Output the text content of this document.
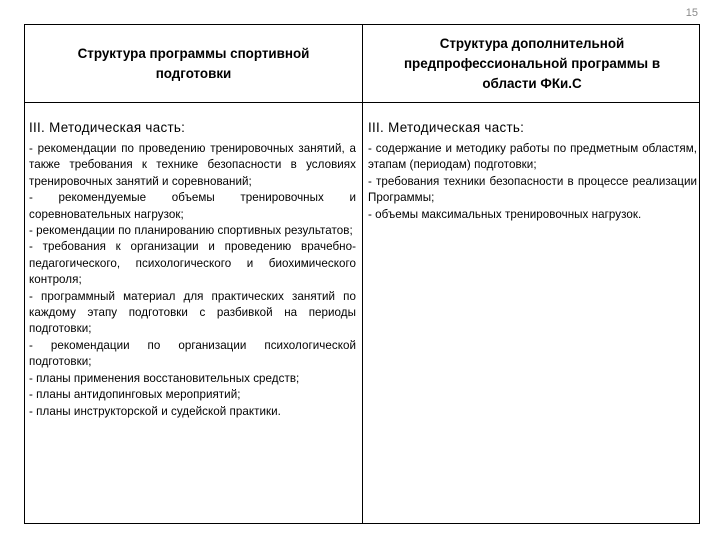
15
Структура программы спортивной подготовки
Структура дополнительной предпрофессиональной программы в области ФКи.С
III. Методическая часть:
- рекомендации по проведению тренировочных занятий, а также требования к технике безопасности в условиях тренировочных занятий и соревнований;
- рекомендуемые объемы тренировочных и соревновательных нагрузок;
- рекомендации по планированию спортивных результатов;
- требования к организации и проведению врачебно-педагогического, психологического и биохимического контроля;
- программный материал для практических занятий по каждому этапу подготовки с разбивкой на периоды подготовки;
- рекомендации по организации психологической подготовки;
- планы применения восстановительных средств;
- планы антидопинговых мероприятий;
- планы инструкторской и судейской практики.
III. Методическая часть:
- содержание и методику работы по предметным областям, этапам (периодам) подготовки;
- требования техники безопасности в процессе реализации Программы;
- объемы максимальных тренировочных нагрузок.
